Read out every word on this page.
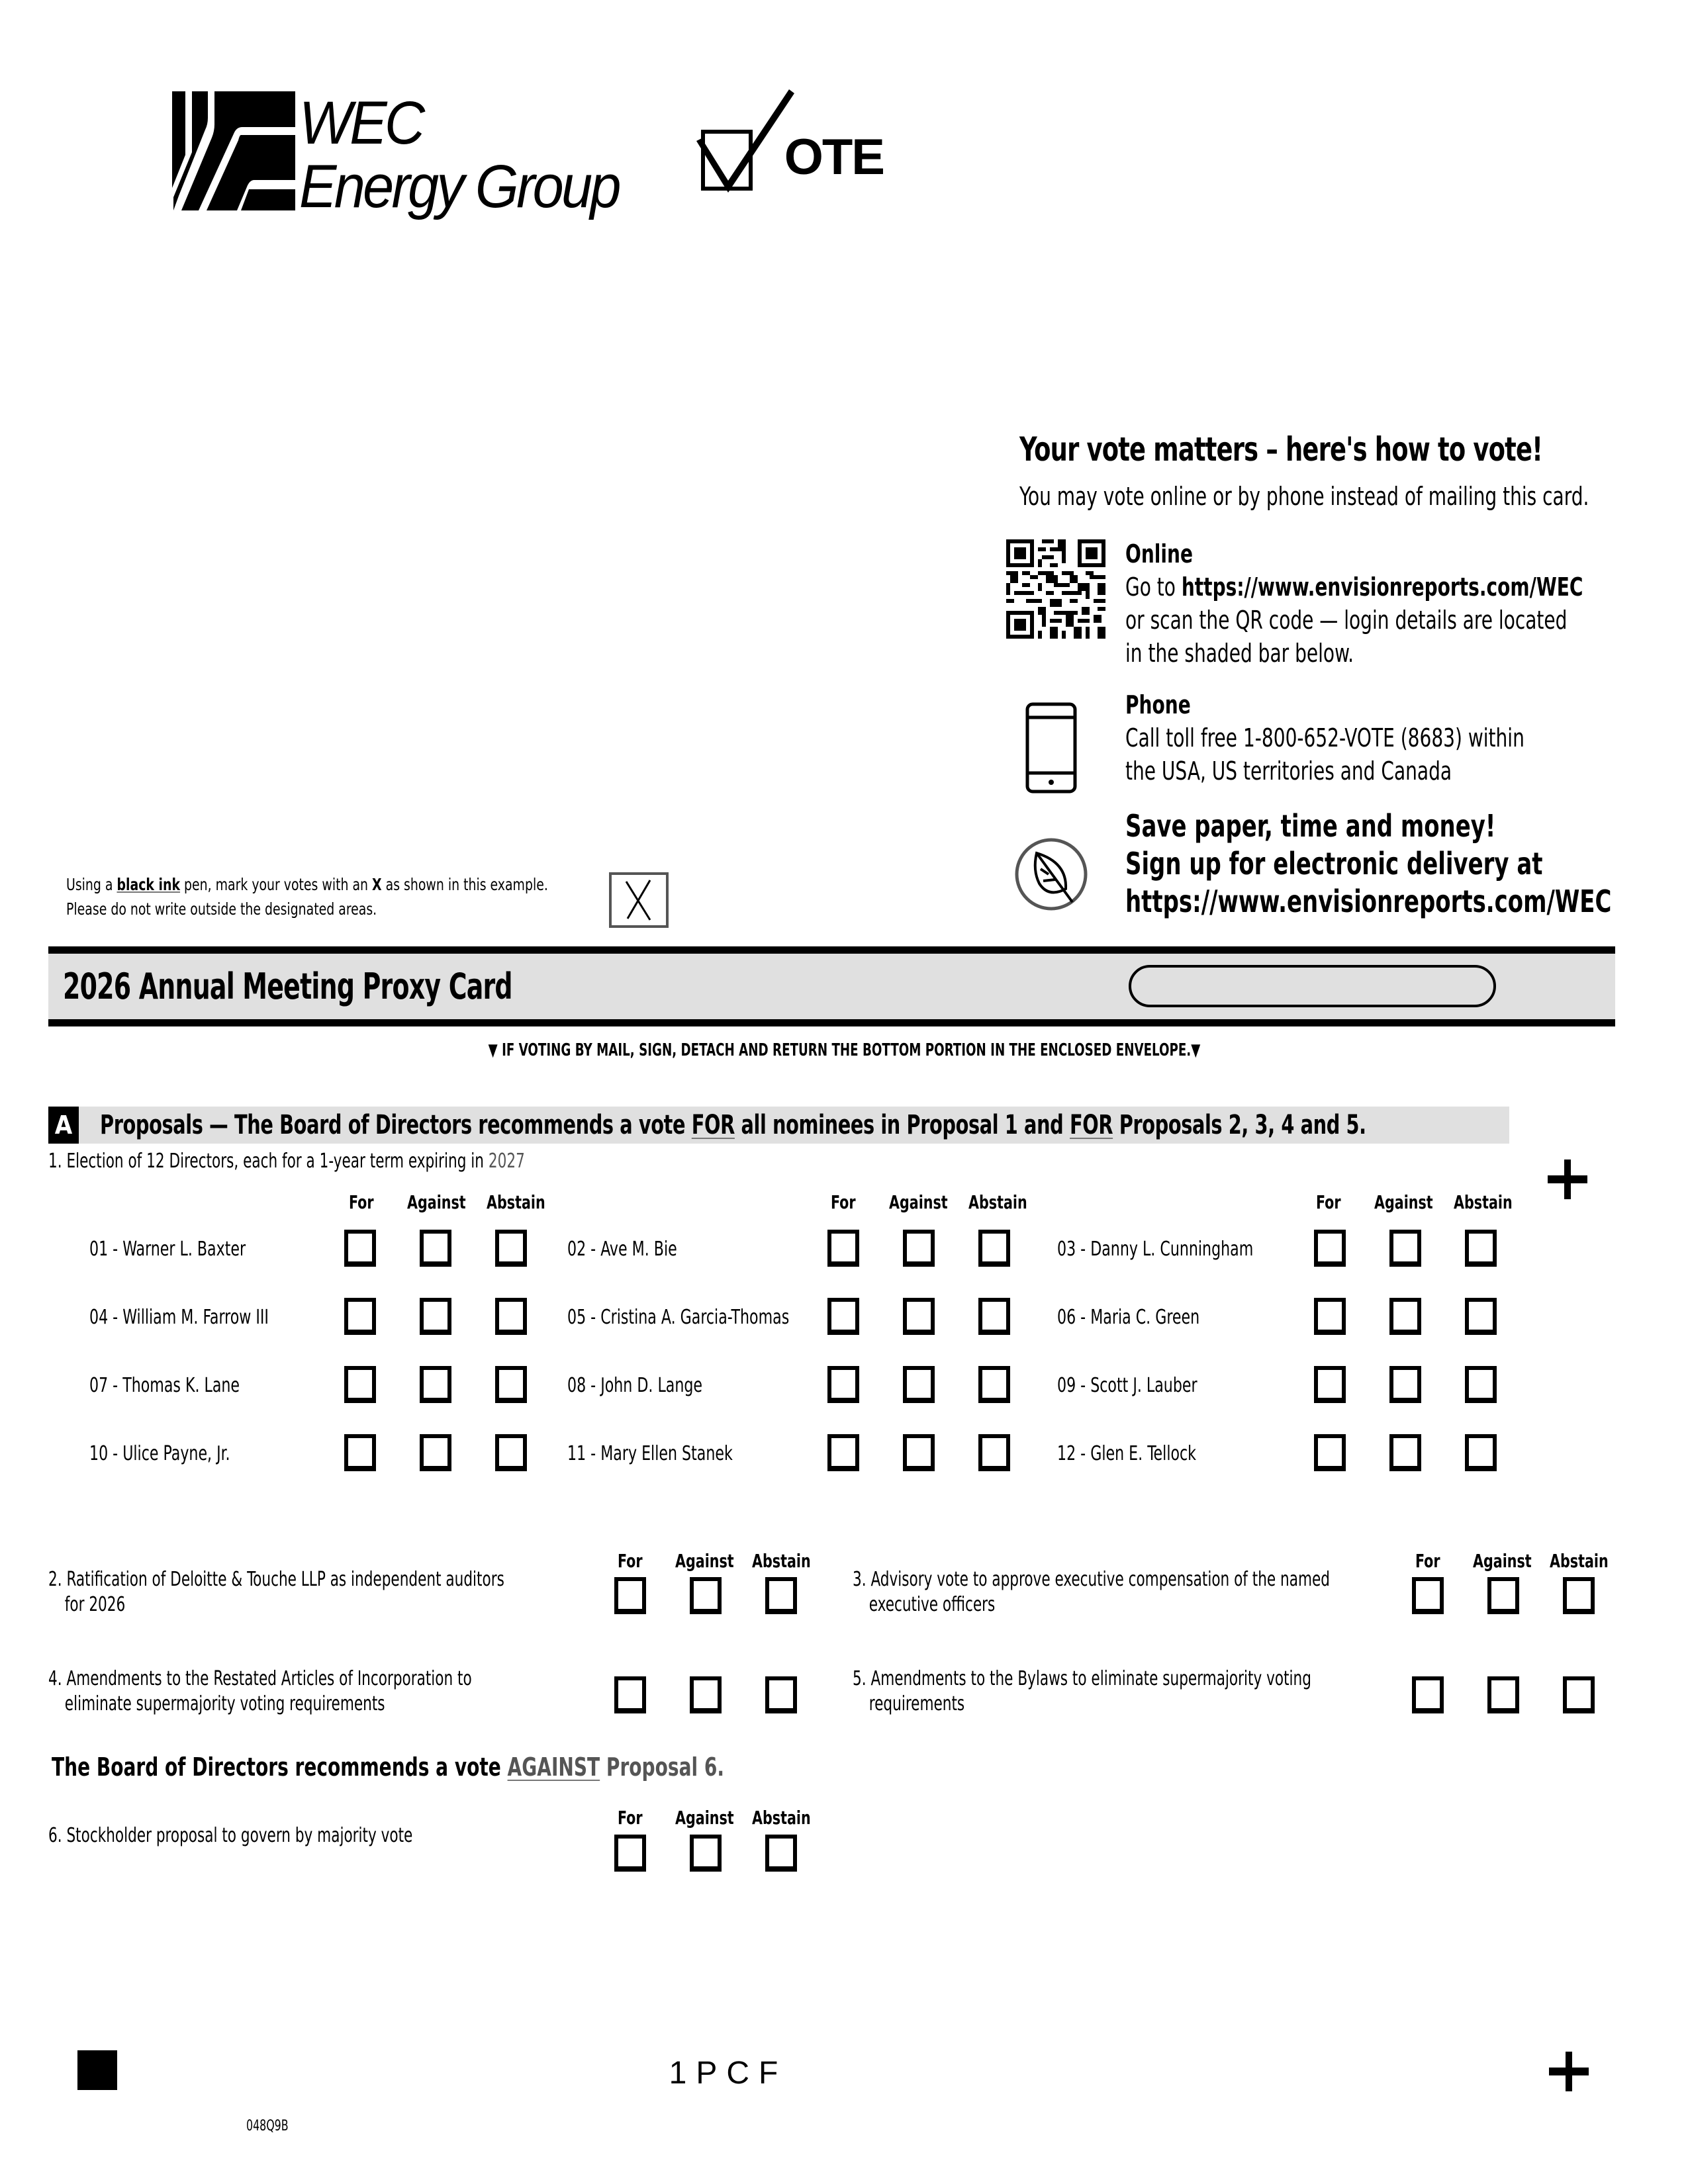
WEC
Energy Group	OTE
Your vote matters – here's how to vote!
You may vote online or by phone instead of mailing this card.
Online
Go to https://www.envisionreports.com/WEC
or scan the QR code — login details are located
in the shaded bar below.
Phone
Call toll free 1-800-652-VOTE (8683) within
the USA, US territories and Canada
Save paper, time and money!
Sign up for electronic delivery at
https://www.envisionreports.com/WEC
Using a black ink pen, mark your votes with an X as shown in this example.
Please do not write outside the designated areas.
2026 Annual Meeting Proxy Card
▼ IF VOTING BY MAIL, SIGN, DETACH AND RETURN THE BOTTOM PORTION IN THE ENCLOSED ENVELOPE.▼
A Proposals — The Board of Directors recommends a vote FOR all nominees in Proposal 1 and FOR Proposals 2, 3, 4 and 5.
1. Election of 12 Directors, each for a 1-year term expiring in 2027
For Against Abstain	For Against Abstain	For Against Abstain
01 - Warner L. Baxter	02 - Ave M. Bie	03 - Danny L. Cunningham
04 - William M. Farrow III	05 - Cristina A. Garcia-Thomas	06 - Maria C. Green
07 - Thomas K. Lane	08 - John D. Lange	09 - Scott J. Lauber
10 - Ulice Payne, Jr.	11 - Mary Ellen Stanek	12 - Glen E. Tellock
For Against Abstain	For Against Abstain
2. Ratification of Deloitte & Touche LLP as independent auditors
for 2026
3. Advisory vote to approve executive compensation of the named
executive officers
4. Amendments to the Restated Articles of Incorporation to
eliminate supermajority voting requirements
5. Amendments to the Bylaws to eliminate supermajority voting
requirements
The Board of Directors recommends a vote AGAINST Proposal 6.
For Against Abstain
6. Stockholder proposal to govern by majority vote
1PCF
048Q9B
